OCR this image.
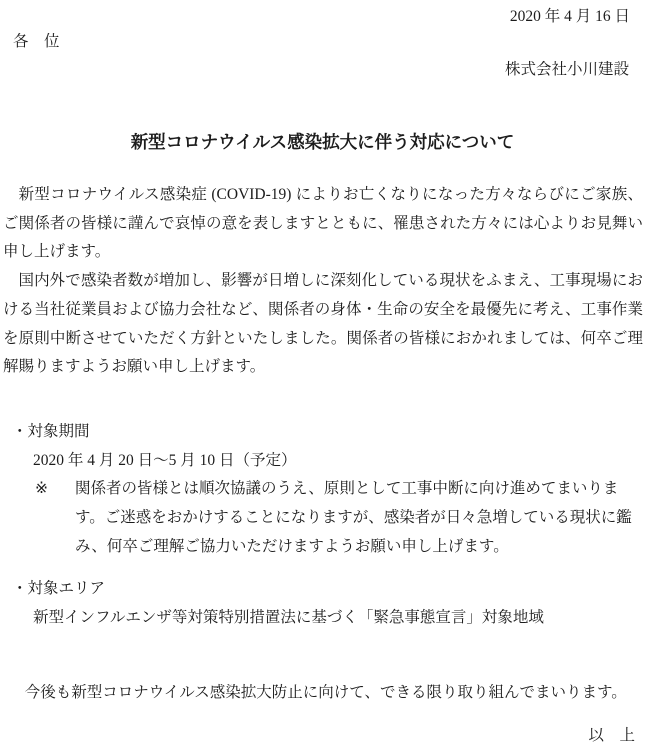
2020 年 4 月 16 日
各　位
株式会社小川建設
新型コロナウイルス感染拡大に伴う対応について

新型コロナウイルス感染症 (COVID-19) によりお亡くなりになった方々ならびにご家族、ご関係者の皆様に謹んで哀悼の意を表しますとともに、罹患された方々には心よりお見舞い申し上げます。

国内外で感染者数が増加し、影響が日増しに深刻化している現状をふまえ、工事現場における当社従業員および協力会社など、関係者の身体・生命の安全を最優先に考え、工事作業を原則中断させていただく方針といたしました。関係者の皆様におかれましては、何卒ご理解賜りますようお願い申し上げます。

・対象期間
2020 年 4 月 20 日～5 月 10 日（予定）
※	関係者の皆様とは順次協議のうえ、原則として工事中断に向け進めてまいります。ご迷惑をおかけすることになりますが、感染者が日々急増している現状に鑑み、何卒ご理解ご協力いただけますようお願い申し上げます。
・対象エリア
新型インフルエンザ等対策特別措置法に基づく「緊急事態宣言」対象地域

今後も新型コロナウイルス感染拡大防止に向けて、できる限り取り組んでまいります。

以　上
